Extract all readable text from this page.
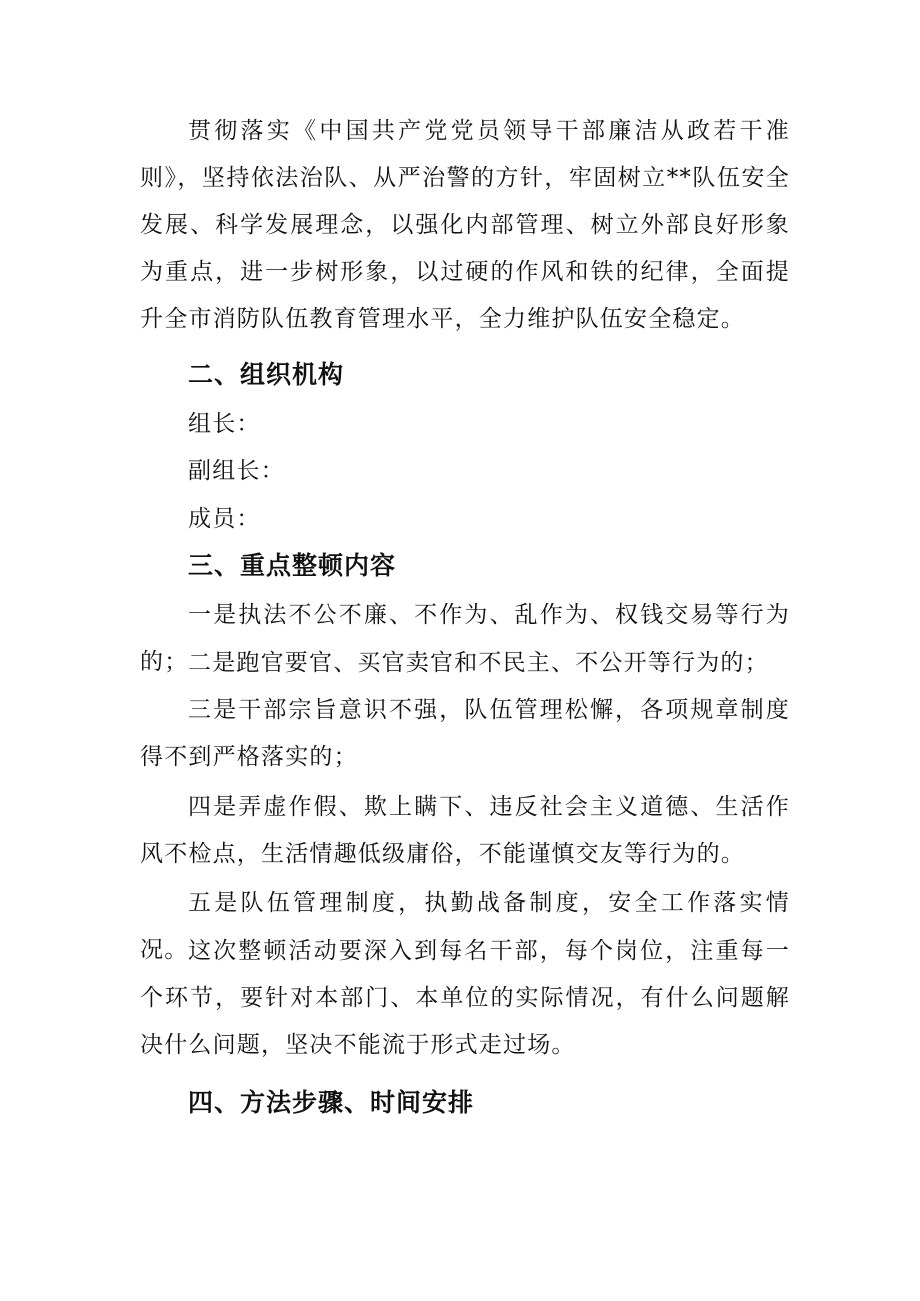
贯彻落实《中国共产党党员领导干部廉洁从政若干准则》，坚持依法治队、从严治警的方针，牢固树立**队伍安全发展、科学发展理念，以强化内部管理、树立外部良好形象为重点，进一步树形象，以过硬的作风和铁的纪律，全面提升全市消防队伍教育管理水平，全力维护队伍安全稳定。

二、组织机构

组长：

副组长：

成员：

三、重点整顿内容

一是执法不公不廉、不作为、乱作为、权钱交易等行为的； 二是跑官要官、买官卖官和不民主、不公开等行为的；

三是干部宗旨意识不强，队伍管理松懈，各项规章制度得不到严格落实的；

四是弄虚作假、欺上瞒下、违反社会主义道德、生活作风不检点，生活情趣低级庸俗，不能谨慎交友等行为的。

五是队伍管理制度，执勤战备制度，安全工作落实情况。 这次整顿活动要深入到每名干部，每个岗位，注重每一个环节，要针对本部门、本单位的实际情况，有什么问题解决什么问题，坚决不能流于形式走过场。

四、方法步骤、时间安排
